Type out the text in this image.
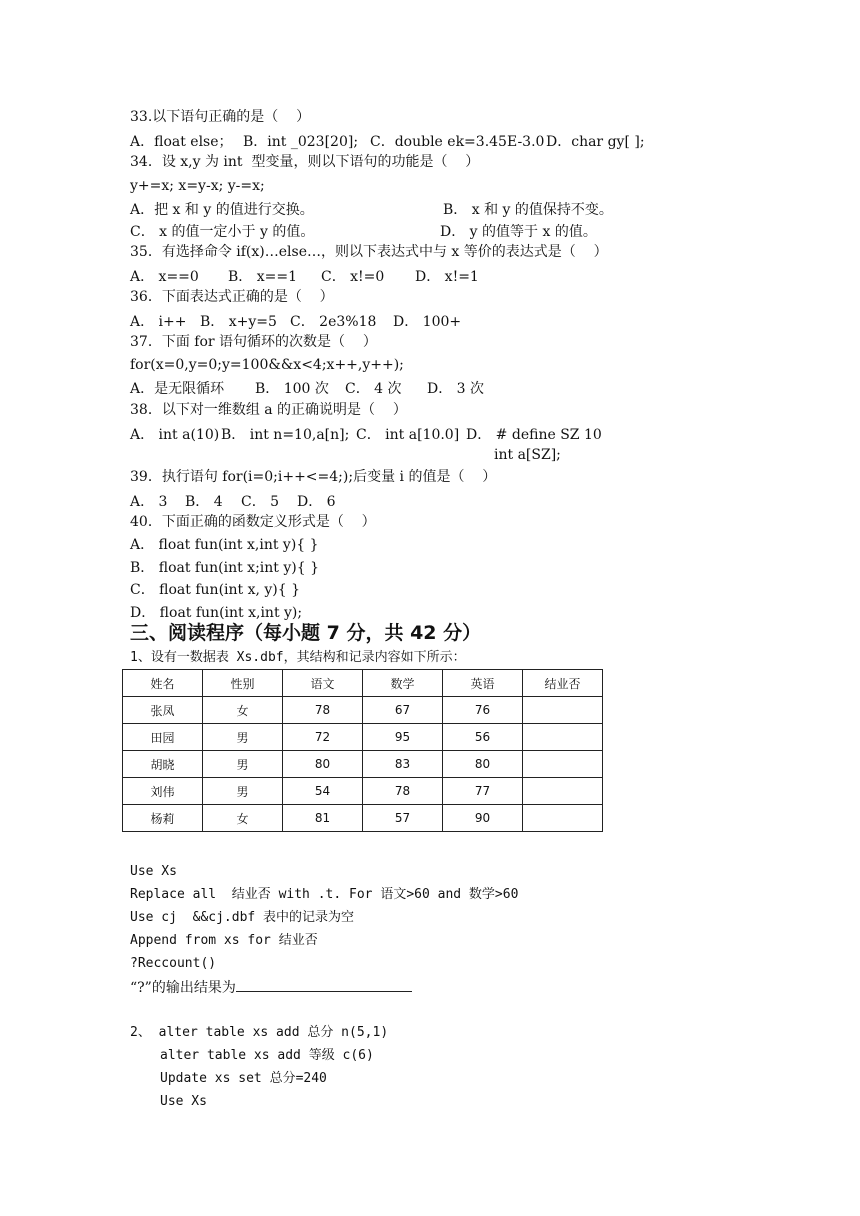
33.以下语句正确的是（    ）
A．float else； B．int _023[20]; C．double ek=3.45E-3.0 D．char gy[ ];
34．设 x,y 为 int  型变量，则以下语句的功能是（    ）
y+=x; x=y-x; y-=x;
A．把 x 和 y 的值进行交换。	B． x 和 y 的值保持不变。
C． x 的值一定小于 y 的值。	D． y 的值等于 x 的值。
35．有选择命令 if(x)…else…，则以下表达式中与 x 等价的表达式是（    ）
A． x==0 B． x==1 C． x!=0 D． x!=1
36．下面表达式正确的是（    ）
A． i++ B． x+y=5 C． 2e3%18 D． 100+
37．下面 for 语句循环的次数是（    ）
for(x=0,y=0;y=100&&x<4;x++,y++);
A．是无限循环 B． 100 次 C． 4 次 D． 3 次
38．以下对一维数组 a 的正确说明是（    ）
A． int a(10) B． int n=10,a[n]; C． int a[10.0] D． # define SZ 10
int a[SZ];
39．执行语句 for(i=0;i++<=4;);后变量 i 的值是（    ）
A． 3 B． 4 C． 5 D． 6
40．下面正确的函数定义形式是（    ）
A． float fun(int x,int y){ }
B． float fun(int x;int y){ }
C． float fun(int x, y){ }
D． float fun(int x,int y);
三、阅读程序（每小题 7 分，共 42 分）
1、设有一数据表 Xs.dbf，其结构和记录内容如下所示：
姓名	性别	语文	数学	英语	结业否
张凤	女	78	67	76	
田园	男	72	95	56	
胡晓	男	80	83	80	
刘伟	男	54	78	77	
杨莉	女	81	57	90	
Use Xs
Replace all  结业否 with .t. For 语文>60 and 数学>60
Use cj  &&cj.dbf 表中的记录为空
Append from xs for 结业否
?Reccount()
“?”的输出结果为
2、 alter table xs add 总分 n(5,1)
alter table xs add 等级 c(6)
Update xs set 总分=240
Use Xs
